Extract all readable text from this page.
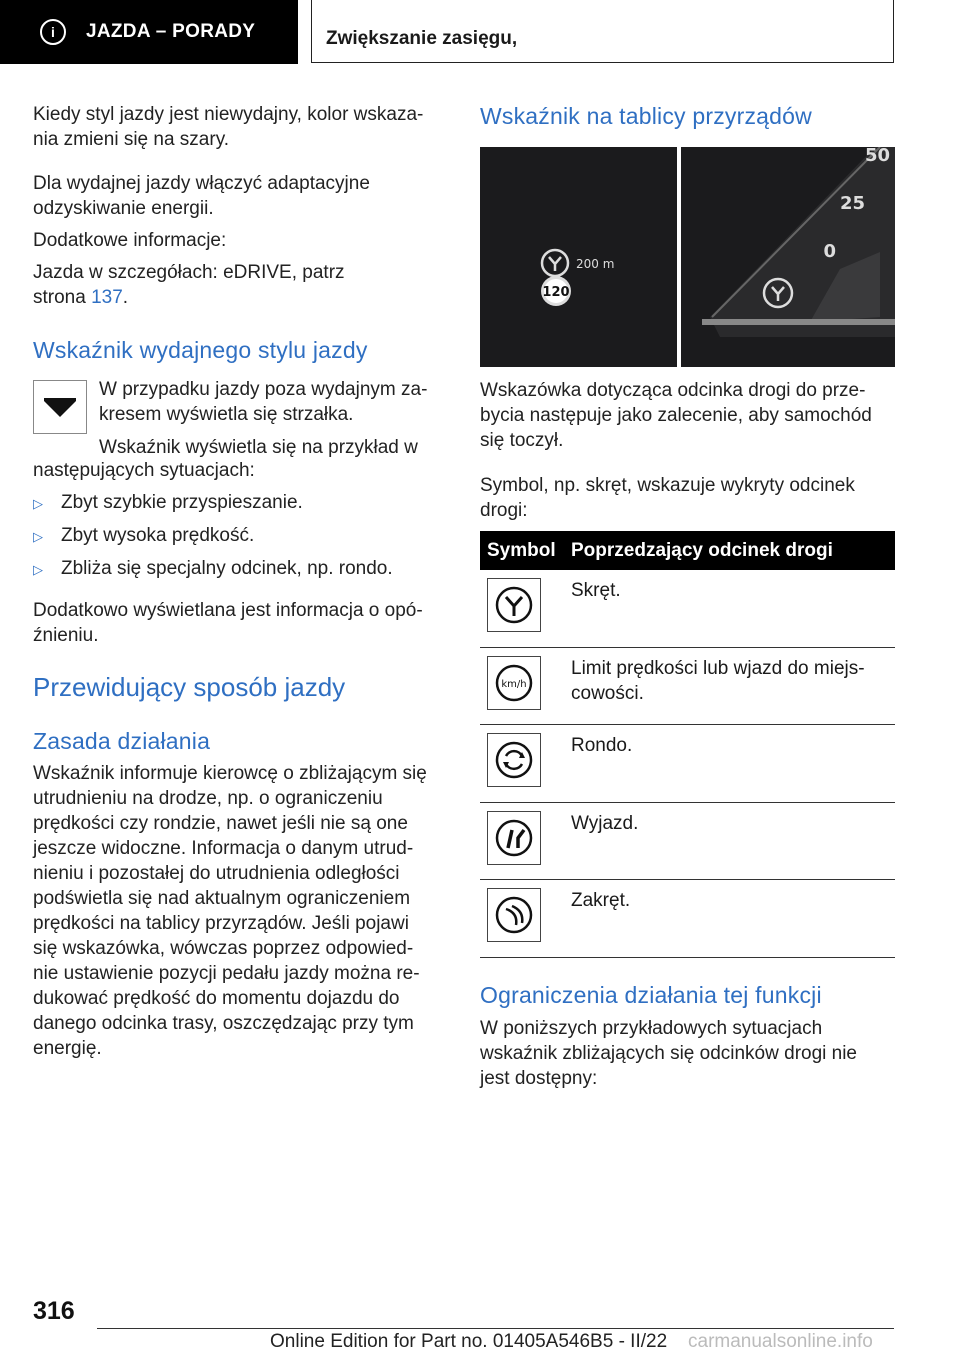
i	JAZDA – PORADY	Zwiększanie zasięgu,

Kiedy styl jazdy jest niewydajny, kolor wskaza-
nia zmieni się na szary.

Dla wydajnej jazdy włączyć adaptacyjne
odzyskiwanie energii.

Dodatkowe informacje:

Jazda w szczegółach: eDRIVE, patrz
strona 137.

Wskaźnik wydajnego stylu jazdy

W przypadku jazdy poza wydajnym za-
kresem wyświetla się strzałka.

Wskaźnik wyświetla się na przykład w

następujących sytuacjach:
▷ Zbyt szybkie przyspieszanie.
▷ Zbyt wysoka prędkość.
▷ Zbliża się specjalny odcinek, np. rondo.
Dodatkowo wyświetlana jest informacja o opó-
źnieniu.
Przewidujący sposób jazdy
Zasada działania
Wskaźnik informuje kierowcę o zbliżającym się
utrudnieniu na drodze, np. o ograniczeniu
prędkości czy rondzie, nawet jeśli nie są one
jeszcze widoczne. Informacja o danym utrud-
nieniu i pozostałej do utrudnienia odległości
podświetla się nad aktualnym ograniczeniem
prędkości na tablicy przyrządów. Jeśli pojawi
się wskazówka, wówczas poprzez odpowied-
nie ustawienie pozycji pedału jazdy można re-
dukować prędkość do momentu dojazdu do
danego odcinka trasy, oszczędzając przy tym
energię.
Wskaźnik na tablicy przyrządów
200 m
120
50
25
0
Wskazówka dotycząca odcinka drogi do prze-
bycia następuje jako zalecenie, aby samochód
się toczył.
Symbol, np. skręt, wskazuje wykryty odcinek
drogi:
Symbol Poprzedzający odcinek drogi
Skręt.
km/h
Limit prędkości lub wjazd do miejs-
cowości.
Rondo.
Wyjazd.
Zakręt.
Ograniczenia działania tej funkcji
W poniższych przykładowych sytuacjach
wskaźnik zbliżających się odcinków drogi nie
jest dostępny:
316
Online Edition for Part no. 01405A546B5 - II/22 carmanualsonline.info
